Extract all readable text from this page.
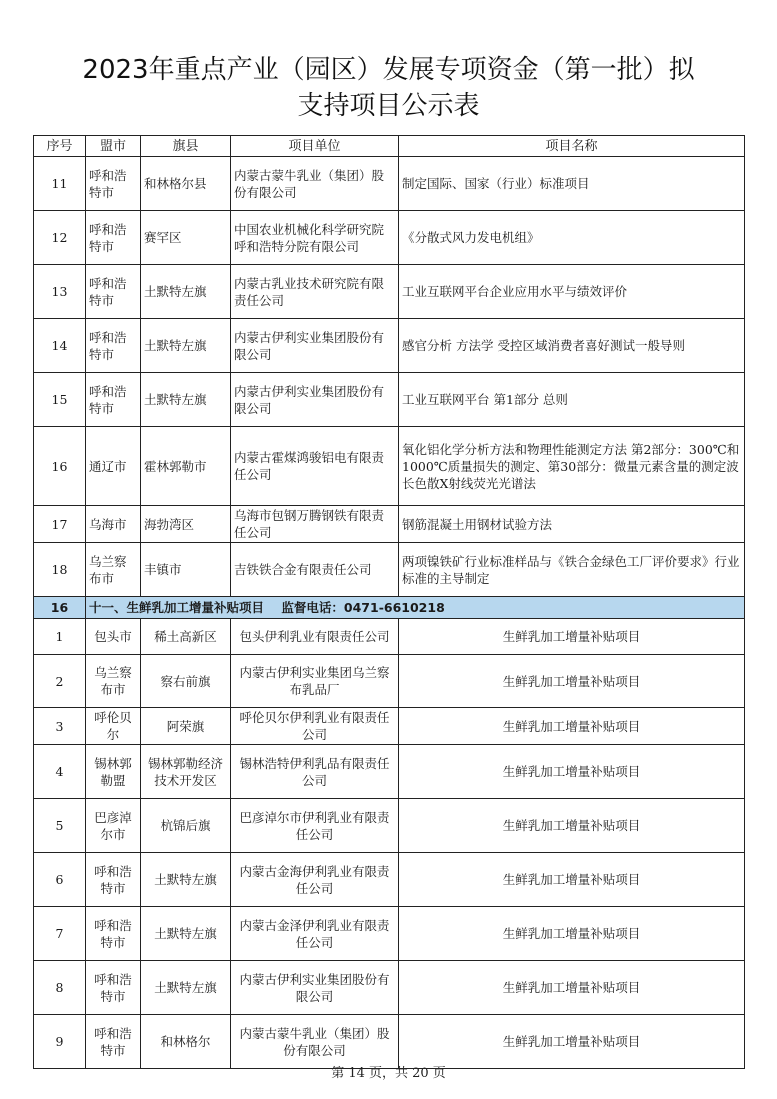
2023年重点产业（园区）发展专项资金（第一批）拟
支持项目公示表
序号	盟市	旗县	项目单位	项目名称
11	呼和浩特市	和林格尔县	内蒙古蒙牛乳业（集团）股份有限公司	制定国际、国家（行业）标准项目
12	呼和浩特市	赛罕区	中国农业机械化科学研究院呼和浩特分院有限公司	《分散式风力发电机组》
13	呼和浩特市	土默特左旗	内蒙古乳业技术研究院有限责任公司	工业互联网平台企业应用水平与绩效评价
14	呼和浩特市	土默特左旗	内蒙古伊利实业集团股份有限公司	感官分析 方法学 受控区域消费者喜好测试一般导则
15	呼和浩特市	土默特左旗	内蒙古伊利实业集团股份有限公司	工业互联网平台 第1部分 总则
16	通辽市	霍林郭勒市	内蒙古霍煤鸿骏铝电有限责任公司	氧化铝化学分析方法和物理性能测定方法 第2部分：300℃和1000℃质量损失的测定、第30部分：微量元素含量的测定波长色散X射线荧光光谱法
17	乌海市	海勃湾区	乌海市包钢万腾钢铁有限责任公司	钢筋混凝土用钢材试验方法
18	乌兰察布市	丰镇市	吉铁铁合金有限责任公司	两项镍铁矿行业标准样品与《铁合金绿色工厂评价要求》行业标准的主导制定
16	十一、生鲜乳加工增量补贴项目    监督电话：0471-6610218			
1	包头市	稀土高新区	包头伊利乳业有限责任公司	生鲜乳加工增量补贴项目
2	乌兰察布市	察右前旗	内蒙古伊利实业集团乌兰察布乳品厂	生鲜乳加工增量补贴项目
3	呼伦贝尔	阿荣旗	呼伦贝尔伊利乳业有限责任公司	生鲜乳加工增量补贴项目
4	锡林郭勒盟	锡林郭勒经济技术开发区	锡林浩特伊利乳品有限责任公司	生鲜乳加工增量补贴项目
5	巴彦淖尔市	杭锦后旗	巴彦淖尔市伊利乳业有限责任公司	生鲜乳加工增量补贴项目
6	呼和浩特市	土默特左旗	内蒙古金海伊利乳业有限责任公司	生鲜乳加工增量补贴项目
7	呼和浩特市	土默特左旗	内蒙古金泽伊利乳业有限责任公司	生鲜乳加工增量补贴项目
8	呼和浩特市	土默特左旗	内蒙古伊利实业集团股份有限公司	生鲜乳加工增量补贴项目
9	呼和浩特市	和林格尔	内蒙古蒙牛乳业（集团）股份有限公司	生鲜乳加工增量补贴项目
第 14 页，共 20 页
